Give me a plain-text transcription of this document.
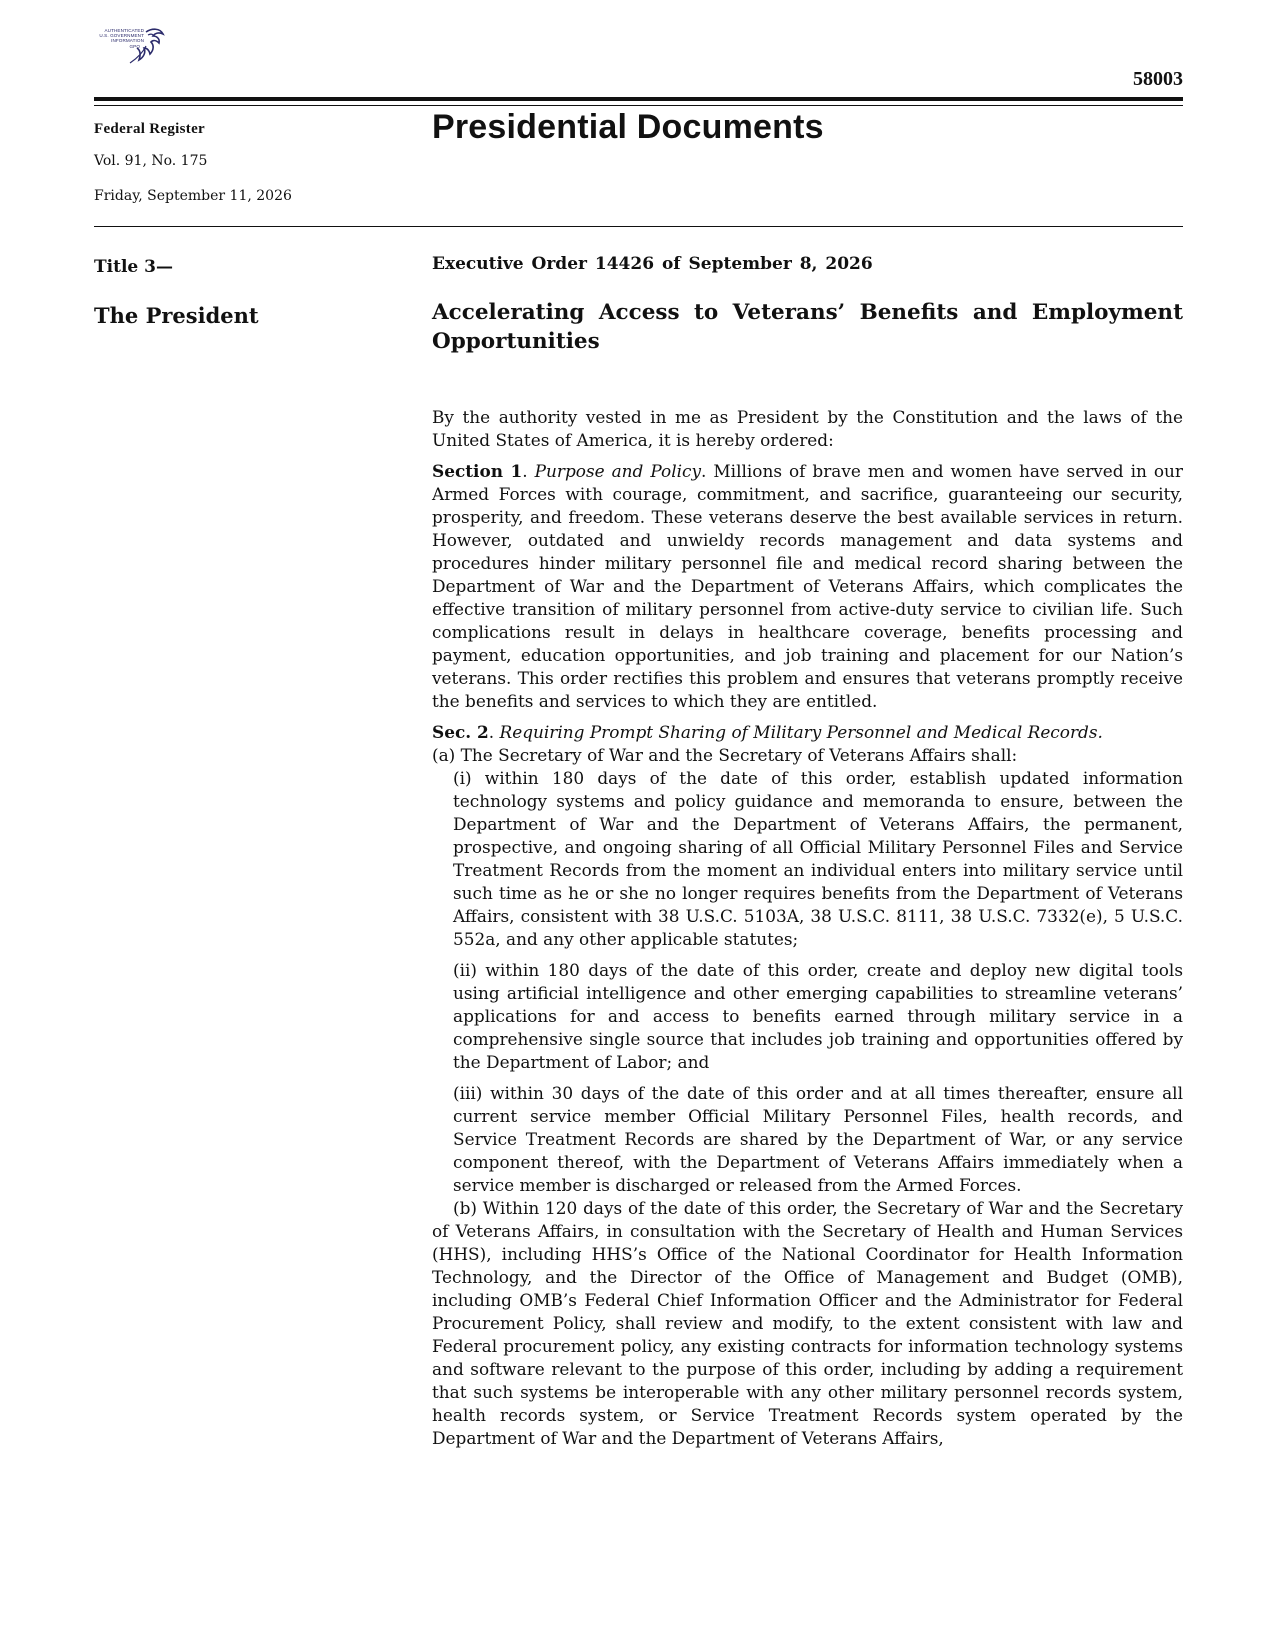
AUTHENTICATED
U.S. GOVERNMENT
INFORMATION
GPO
58003
Federal Register
Vol. 91, No. 175
Friday, September 11, 2026
Presidential Documents
Title 3—
The President
Executive Order 14426 of September 8, 2026
Accelerating Access to Veterans’ Benefits and Employment Opportunities

By the authority vested in me as President by the Constitution and the laws of the United States of America, it is hereby ordered:

Section 1. Purpose and Policy. Millions of brave men and women have served in our Armed Forces with courage, commitment, and sacrifice, guaranteeing our security, prosperity, and freedom. These veterans deserve the best available services in return. However, outdated and unwieldy records management and data systems and procedures hinder military personnel file and medical record sharing between the Department of War and the Department of Veterans Affairs, which complicates the effective transition of military personnel from active-duty service to civilian life. Such complications result in delays in healthcare coverage, benefits processing and payment, education opportunities, and job training and placement for our Nation’s veterans. This order rectifies this problem and ensures that veterans promptly receive the benefits and services to which they are entitled.

Sec. 2. Requiring Prompt Sharing of Military Personnel and Medical Records.

(a) The Secretary of War and the Secretary of Veterans Affairs shall:

(i) within 180 days of the date of this order, establish updated information technology systems and policy guidance and memoranda to ensure, between the Department of War and the Department of Veterans Affairs, the permanent, prospective, and ongoing sharing of all Official Military Personnel Files and Service Treatment Records from the moment an individual enters into military service until such time as he or she no longer requires benefits from the Department of Veterans Affairs, consistent with 38 U.S.C. 5103A, 38 U.S.C. 8111, 38 U.S.C. 7332(e), 5 U.S.C. 552a, and any other applicable statutes;
(ii) within 180 days of the date of this order, create and deploy new digital tools using artificial intelligence and other emerging capabilities to streamline veterans’ applications for and access to benefits earned through military service in a comprehensive single source that includes job training and opportunities offered by the Department of Labor; and
(iii) within 30 days of the date of this order and at all times thereafter, ensure all current service member Official Military Personnel Files, health records, and Service Treatment Records are shared by the Department of War, or any service component thereof, with the Department of Veterans Affairs immediately when a service member is discharged or released from the Armed Forces.

(b) Within 120 days of the date of this order, the Secretary of War and the Secretary of Veterans Affairs, in consultation with the Secretary of Health and Human Services (HHS), including HHS’s Office of the National Coordinator for Health Information Technology, and the Director of the Office of Management and Budget (OMB), including OMB’s Federal Chief Information Officer and the Administrator for Federal Procurement Policy, shall review and modify, to the extent consistent with law and Federal procurement policy, any existing contracts for information technology systems and software relevant to the purpose of this order, including by adding a requirement that such systems be interoperable with any other military personnel records system, health records system, or Service Treatment Records system operated by the Department of War and the Department of Veterans Affairs,
